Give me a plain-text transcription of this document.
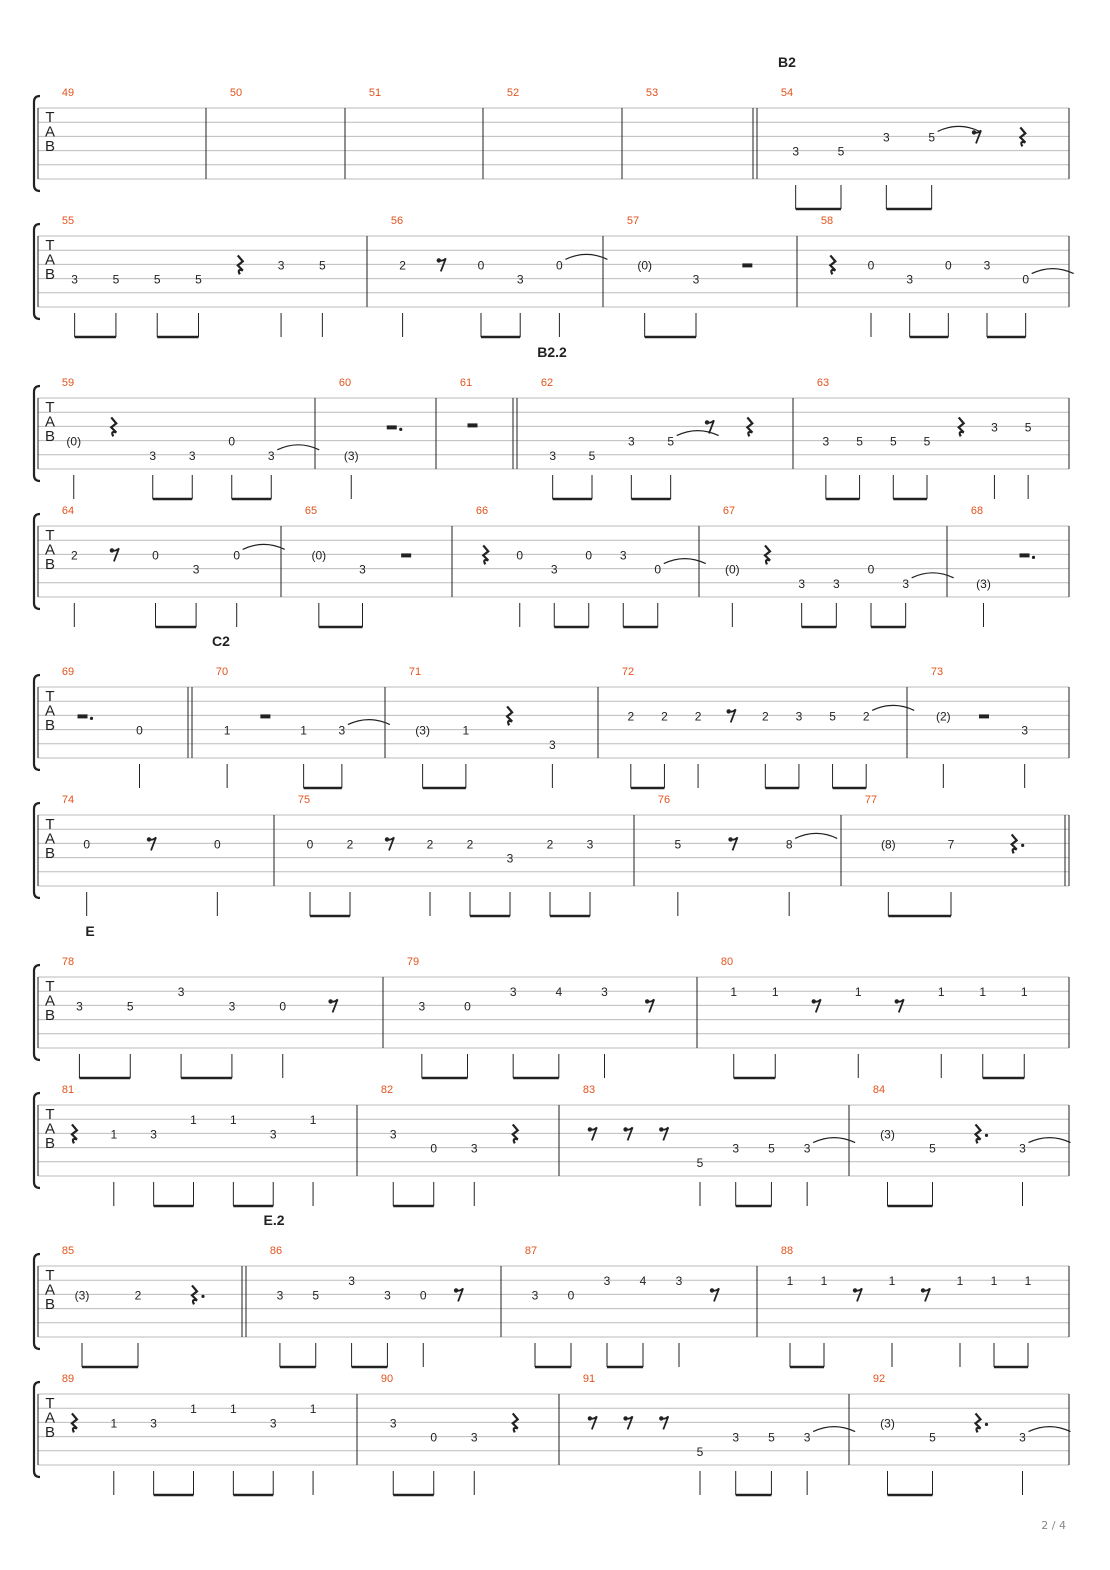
T
A
B
B2
49	50	51	52	53	54
3	5
3	5
T
A
B
55
3	5	5	5
3	5
56
2	0
3
0
57
(0)
3
58
0
3
0	3
0
T
A
B
B2.2
59
(0)
3	3
0
3
60
(3)
61	62
3	5
3	5
63
3 5 5 5
3 5
T
A
B
64
2	0
3
0
65
(0)
3
66
0
3
0 3
0
67
(0)
3 3
0
3
68
(3)
T
A
B
C2
69
0
70
1	1	3
71
(3)	1
3
72
2 2 2	2 3 5 2
73
(2)
3
T
A
B
74
0	0
75
0	2	2	2
3
2	3
76
5	8
77
(8)	7
T
A
B
E
78
3	5
3
3	0
79
3	0
3	4	3
80
1	1	1	1	1	1
T
A
B
81
1	3
1	1
3
1
82
3
0	3
83
5
3 5 3
84
(3)
5	3
T
A
B
E.2
85
(3)	2
86
3 5
3
3 0
87
3 0
3 4 3
88
1 1	1	1 1 1
T
A
B
89
1	3
1	1
3
1
90
3
0	3
91
5
3 5 3
92
(3)
5	3
2 / 4
